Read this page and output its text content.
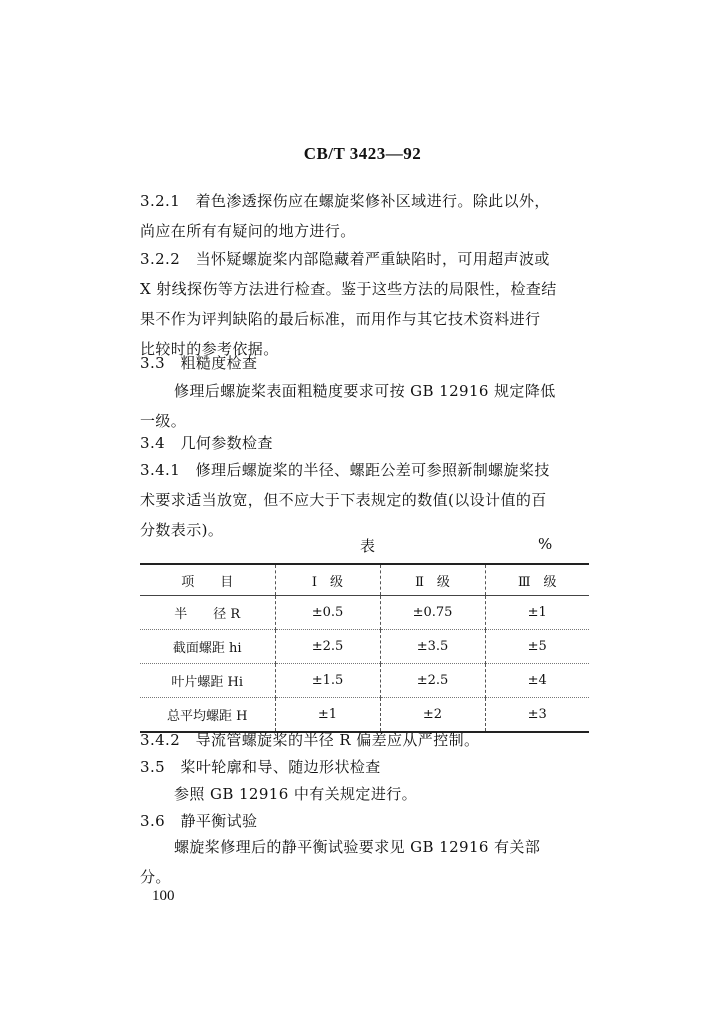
CB/T 3423—92
3.2.1　着色渗透探伤应在螺旋桨修补区域进行。除此以外，
尚应在所有有疑问的地方进行。
3.2.2　当怀疑螺旋桨内部隐藏着严重缺陷时，可用超声波或
X 射线探伤等方法进行检查。鉴于这些方法的局限性，检查结
果不作为评判缺陷的最后标准，而用作与其它技术资料进行
比较时的参考依据。
3.3　粗糙度检查
修理后螺旋桨表面粗糙度要求可按 GB 12916 规定降低
一级。
3.4　几何参数检查
3.4.1　修理后螺旋桨的半径、螺距公差可参照新制螺旋桨技
术要求适当放宽，但不应大于下表规定的数值(以设计值的百
分数表示)。
表	%
项　　目	Ⅰ　级	Ⅱ　级	Ⅲ　级
半　　径 R	±0.5	±0.75	±1
截面螺距 hi	±2.5	±3.5	±5
叶片螺距 Hi	±1.5	±2.5	±4
总平均螺距 H	±1	±2	±3
3.4.2　导流管螺旋桨的半径 R 偏差应从严控制。
3.5　桨叶轮廓和导、随边形状检查
参照 GB 12916 中有关规定进行。
3.6　静平衡试验
螺旋桨修理后的静平衡试验要求见 GB 12916 有关部
分。
100
